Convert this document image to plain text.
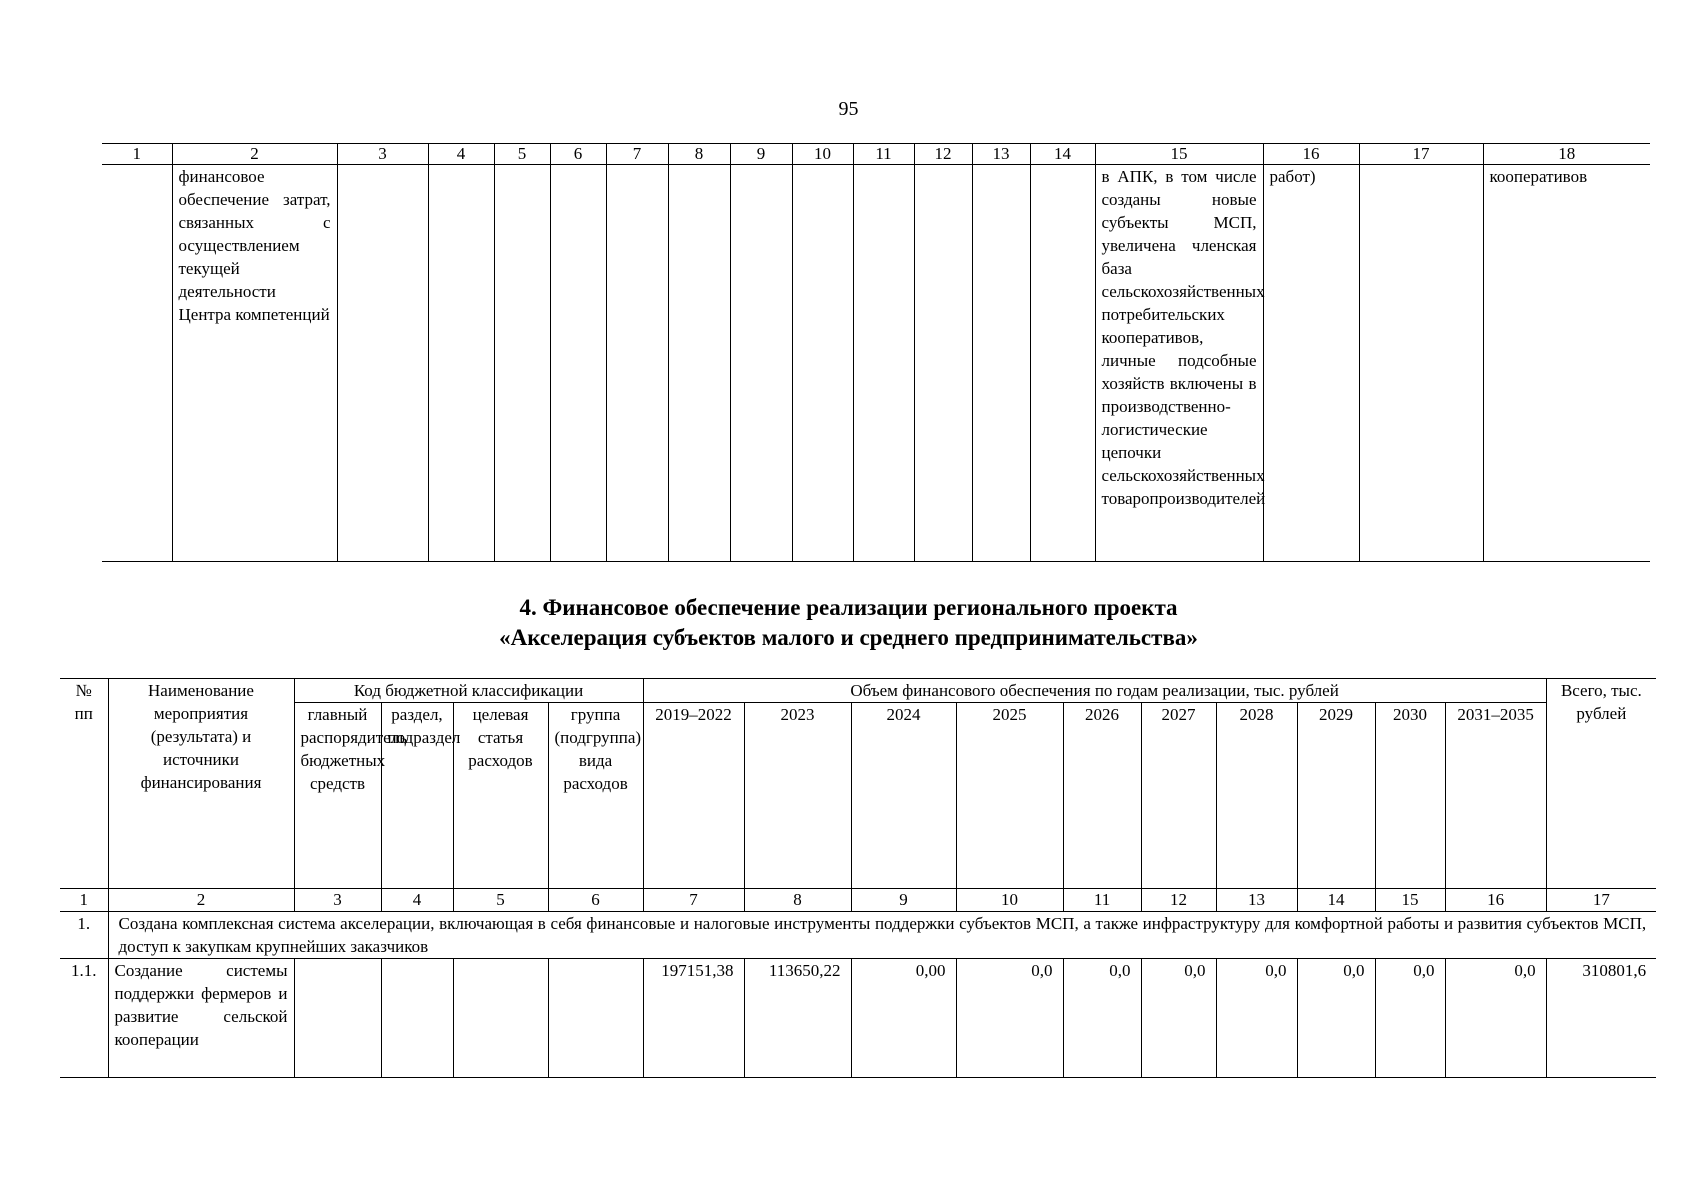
95
1	2	3	4	5	6	7	8	9	10	11	12	13	14	15	16	17	18
	финансовое обеспечение затрат, связанных с осуществлением текущей деятельности Центра компетенций													в АПК, в том числе созданы новые субъекты МСП, увеличена членская база сельскохозяйственных потребительских кооперативов, личные подсобные хозяйств включены в производственно-логистические цепочки сельскохозяйственных товаропроизводителей	работ)		кооперативов
4. Финансовое обеспечение реализации регионального проекта
«Акселерация субъектов малого и среднего предпринимательства»
№ пп	Наименование мероприятия (результата) и источники финансирования	Код бюджетной классификации				Объем финансового обеспечения по годам реализации, тыс. рублей										Всего, тыс. рублей
		главный распорядитель бюджетных средств	раздел, подраздел	целевая статья расходов	группа (подгруппа) вида расходов	2019–2022	2023	2024	2025	2026	2027	2028	2029	2030	2031–2035	
1	2	3	4	5	6	7	8	9	10	11	12	13	14	15	16	17
1.	Создана комплексная система акселерации, включающая в себя финансовые и налоговые инструменты поддержки субъектов МСП, а также инфраструктуру для комфортной работы и развития субъектов МСП, доступ к закупкам крупнейших заказчиков															
1.1.	Создание системы поддержки фермеров и развитие сельской кооперации					197151,38	113650,22	0,00	0,0	0,0	0,0	0,0	0,0	0,0	0,0	310801,6
